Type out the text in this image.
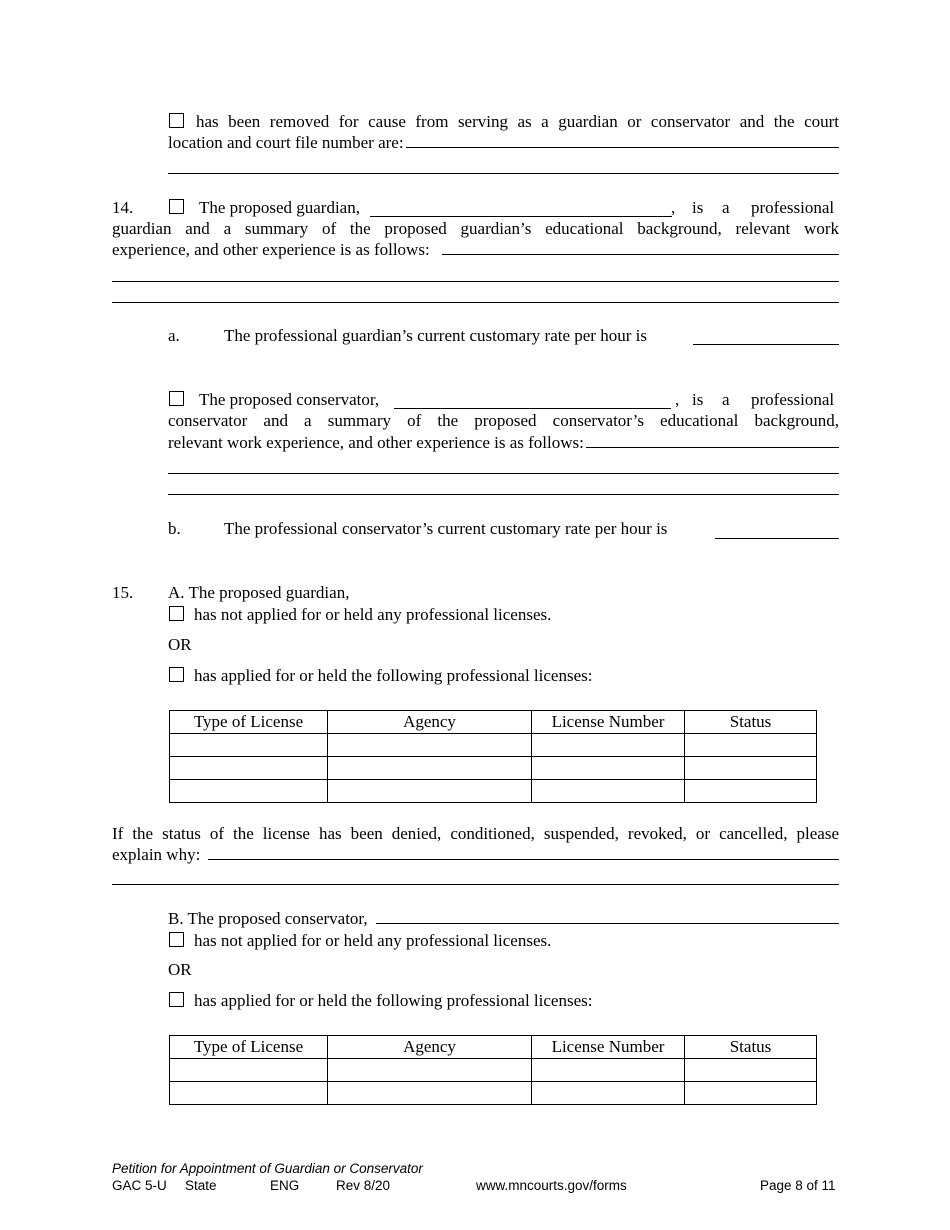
has been removed for cause from serving as a guardian or conservator and the court
location and court file number are:
14.	The proposed guardian,	, is a professional
guardian and a summary of the proposed guardian’s educational background, relevant work
experience, and other experience is as follows:
a.	The professional guardian’s current customary rate per hour is
The proposed conservator,	, is a professional
conservator and a summary of the proposed conservator’s educational background,
relevant work experience, and other experience is as follows:
b.	The professional conservator’s current customary rate per hour is
15. A. The proposed guardian,
has not applied for or held any professional licenses.
OR
has applied for or held the following professional licenses:
Type of License	Agency	License Number	Status

If the status of the license has been denied, conditioned, suspended, revoked, or cancelled, please
explain why:
B. The proposed conservator,
has not applied for or held any professional licenses.
OR
has applied for or held the following professional licenses:
Type of License	Agency	License Number	Status

Petition for Appointment of Guardian or Conservator
GAC 5-U State	ENG	Rev 8/20	www.mncourts.gov/forms	Page 8 of 11
